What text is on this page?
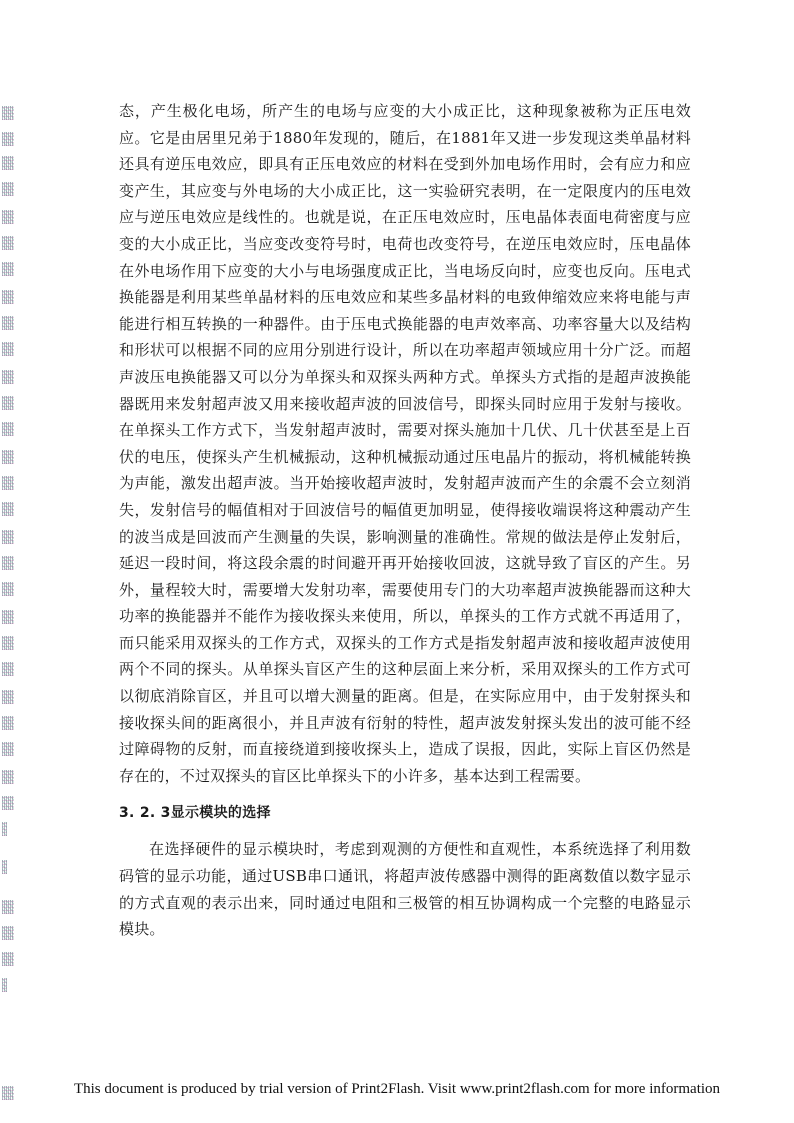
态，产生极化电场，所产生的电场与应变的大小成正比，这种现象被称为正压电效应。它是由居里兄弟于1880年发现的，随后，在1881年又进一步发现这类单晶材料还具有逆压电效应，即具有正压电效应的材料在受到外加电场作用时，会有应力和应变产生，其应变与外电场的大小成正比，这一实验研究表明，在一定限度内的压电效应与逆压电效应是线性的。也就是说，在正压电效应时，压电晶体表面电荷密度与应变的大小成正比，当应变改变符号时，电荷也改变符号，在逆压电效应时，压电晶体在外电场作用下应变的大小与电场强度成正比，当电场反向时，应变也反向。压电式换能器是利用某些单晶材料的压电效应和某些多晶材料的电致伸缩效应来将电能与声能进行相互转换的一种器件。由于压电式换能器的电声效率高、功率容量大以及结构和形状可以根据不同的应用分别进行设计，所以在功率超声领域应用十分广泛。而超声波压电换能器又可以分为单探头和双探头两种方式。单探头方式指的是超声波换能器既用来发射超声波又用来接收超声波的回波信号，即探头同时应用于发射与接收。在单探头工作方式下，当发射超声波时，需要对探头施加十几伏、几十伏甚至是上百伏的电压，使探头产生机械振动，这种机械振动通过压电晶片的振动，将机械能转换为声能，激发出超声波。当开始接收超声波时，发射超声波而产生的余震不会立刻消失，发射信号的幅值相对于回波信号的幅值更加明显，使得接收端误将这种震动产生的波当成是回波而产生测量的失误，影响测量的准确性。常规的做法是停止发射后，延迟一段时间，将这段余震的时间避开再开始接收回波，这就导致了盲区的产生。另外，量程较大时，需要增大发射功率，需要使用专门的大功率超声波换能器而这种大功率的换能器并不能作为接收探头来使用，所以，单探头的工作方式就不再适用了，而只能采用双探头的工作方式，双探头的工作方式是指发射超声波和接收超声波使用两个不同的探头。从单探头盲区产生的这种层面上来分析，采用双探头的工作方式可以彻底消除盲区，并且可以增大测量的距离。但是，在实际应用中，由于发射探头和接收探头间的距离很小，并且声波有衍射的特性，超声波发射探头发出的波可能不经过障碍物的反射，而直接绕道到接收探头上，造成了误报，因此，实际上盲区仍然是存在的，不过双探头的盲区比单探头下的小许多，基本达到工程需要。

3. 2. 3显示模块的选择

在选择硬件的显示模块时，考虑到观测的方便性和直观性，本系统选择了利用数码管的显示功能，通过USB串口通讯，将超声波传感器中测得的距离数值以数字显示的方式直观的表示出来，同时通过电阻和三极管的相互协调构成一个完整的电路显示模块。

This document is produced by trial version of Print2Flash. Visit www.print2flash.com for more information
